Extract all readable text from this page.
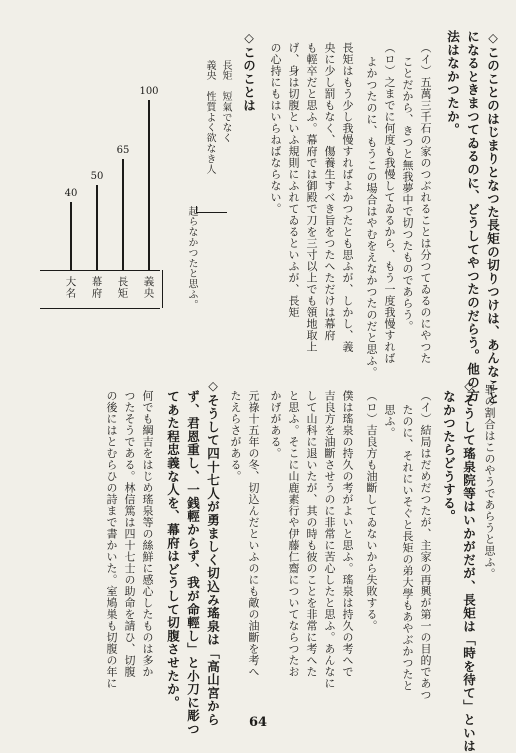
◇このことのはじまりとなつた長矩の切りつけは、あんなこと
になるときまつてゐるのに、どうしてやつたのだらう。他の方
法はなかつたか。
（イ）五萬三千石の家のつぶれることは分つてゐるのにやつた
ことだから、きつと無我夢中で切つたものであらう。
（ロ）之までに何度も我慢してゐるから、もう一度我慢すれば
よかつたのに、もうこの場合はやむをえなかつたのだと思ふ。
長矩はもう少し我慢すればよかつたとも思ふが、しかし、義
央に少し罰もなく、傷養生すべき旨をつたへただけは幕府
も輕卒だと思ふ。幕府では御殿で刀を三寸以上でも領地取上
げ、身は切腹といふ規則にふれてゐるといふが、長矩
の心持にもはいらねばならない。
◇このことは
長矩　短氣でなく
義央　性質よく欲なき人
起らなかつたと思ふ。
100
義央
65
長矩
50
幕府
40
大名
罪の割合はこのやうであらうと思ふ。
◇そうして瑤泉院等はいかがだが、長矩は「時を待て」といは
なかつたらどうする。
（イ）結局はだめだつたが、主家の再興が第一の目的であつ
たのに、それにいそぐと長矩の弟大學もあやぶかつたと
思ふ。
（ロ）吉良方も油斷してゐないから失敗する。
僕は瑤泉の持久の考がよいと思ふ。瑤泉は持久の考へで
吉良方を油斷させうのに非常に苦心したと思ふ。あんなに
して山科に退いたが、其の時も彼のことを非常に考へた
と思ふ。そこに山鹿素行や伊藤仁齋についてならつたお
かげがある。
元祿十五年の冬、切込んだといふのにも敵の油斷を考へ
たえらさがある。
◇そうして四十七人が勇ましく切込み瑤泉は「高山宮から
ず、君恩重し、一銭輕からず、我が命輕し」と小刀に彫つ
てあた程忠義な人を、幕府はどうして切腹させたか。
何でも綱吉をはじめ瑤泉等の絲鮮に感心したものは多か
つたそうである。林信篤は四十七士の助命を請ひ、切腹
の後にはとむらひの詩まで書かいた。室鳩巣も切腹の年に
64
